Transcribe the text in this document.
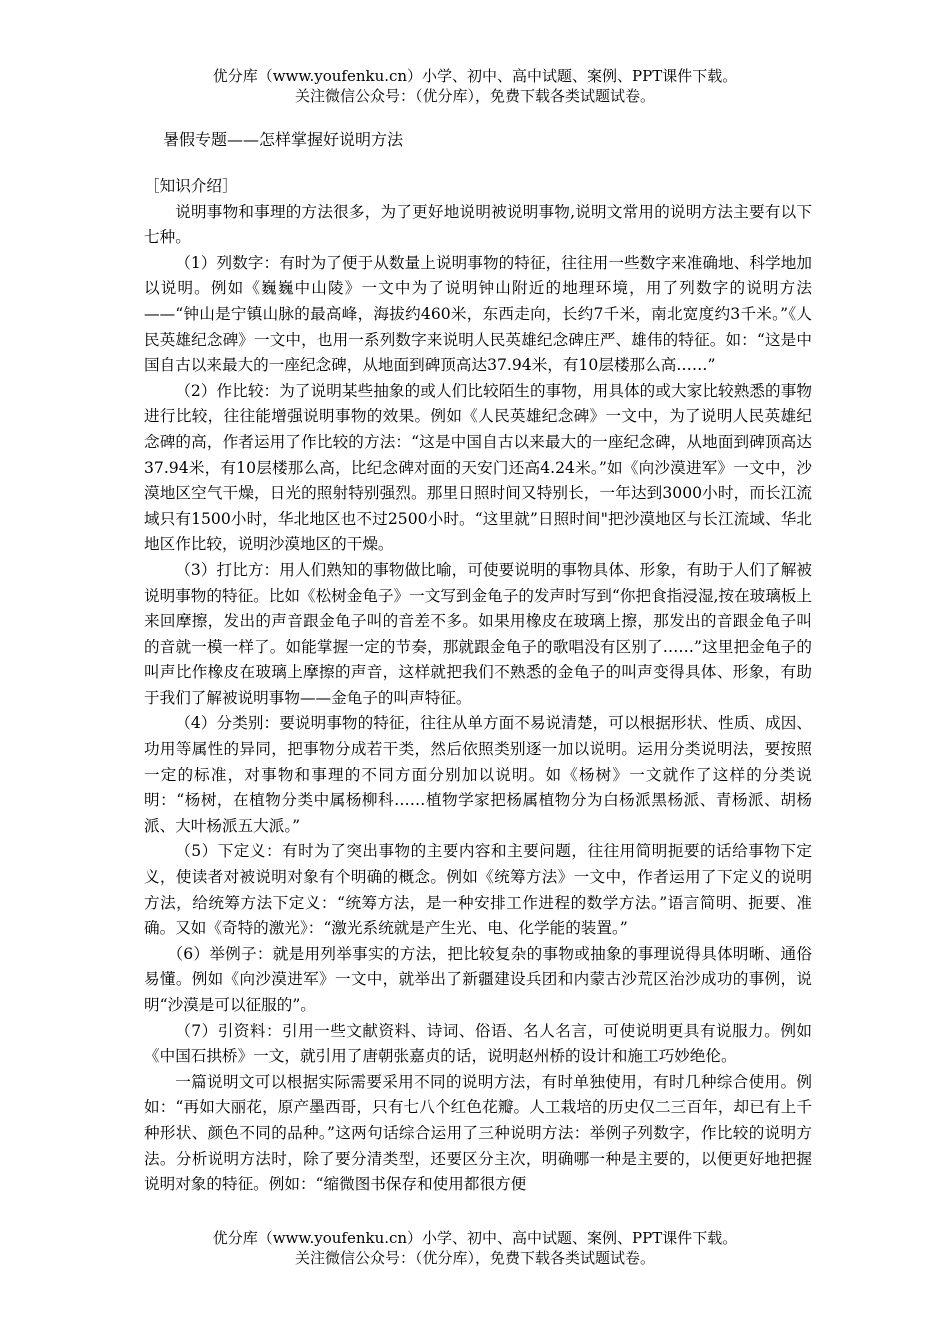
优分库（www.youfenku.cn）小学、初中、高中试题、案例、PPT课件下载。
关注微信公众号：（优分库），免费下载各类试题试卷。
暑假专题——怎样掌握好说明方法

［知识介绍］

说明事物和事理的方法很多，为了更好地说明被说明事物,说明文常用的说明方法主要有以下七种。

（1）列数字：有时为了便于从数量上说明事物的特征，往往用一些数字来准确地、科学地加以说明。例如《巍巍中山陵》一文中为了说明钟山附近的地理环境，用了列数字的说明方法——“钟山是宁镇山脉的最高峰，海拔约460米，东西走向，长约7千米，南北宽度约3千米。”《人民英雄纪念碑》一文中，也用一系列数字来说明人民英雄纪念碑庄严、雄伟的特征。如：“这是中国自古以来最大的一座纪念碑，从地面到碑顶高达37.94米，有10层楼那么高……”

（2）作比较：为了说明某些抽象的或人们比较陌生的事物，用具体的或大家比较熟悉的事物进行比较，往往能增强说明事物的效果。例如《人民英雄纪念碑》一文中，为了说明人民英雄纪念碑的高，作者运用了作比较的方法：“这是中国自古以来最大的一座纪念碑，从地面到碑顶高达37.94米，有10层楼那么高，比纪念碑对面的天安门还高4.24米。”如《向沙漠进军》一文中，沙漠地区空气干燥，日光的照射特别强烈。那里日照时间又特别长，一年达到3000小时，而长江流域只有1500小时，华北地区也不过2500小时。“这里就”日照时间"把沙漠地区与长江流域、华北地区作比较，说明沙漠地区的干燥。

（3）打比方：用人们熟知的事物做比喻，可使要说明的事物具体、形象，有助于人们了解被说明事物的特征。比如《松树金龟子》一文写到金龟子的发声时写到“你把食指浸湿,按在玻璃板上来回摩擦，发出的声音跟金龟子叫的音差不多。如果用橡皮在玻璃上擦，那发出的音跟金龟子叫的音就一模一样了。如能掌握一定的节奏，那就跟金龟子的歌唱没有区别了……”这里把金龟子的叫声比作橡皮在玻璃上摩擦的声音，这样就把我们不熟悉的金龟子的叫声变得具体、形象，有助于我们了解被说明事物——金龟子的叫声特征。

（4）分类别：要说明事物的特征，往往从单方面不易说清楚，可以根据形状、性质、成因、功用等属性的异同，把事物分成若干类，然后依照类别逐一加以说明。运用分类说明法，要按照一定的标准，对事物和事理的不同方面分别加以说明。如《杨树》一文就作了这样的分类说明：“杨树，在植物分类中属杨柳科……植物学家把杨属植物分为白杨派黑杨派、青杨派、胡杨派、大叶杨派五大派。”

（5）下定义：有时为了突出事物的主要内容和主要问题，往往用简明扼要的话给事物下定义，使读者对被说明对象有个明确的概念。例如《统筹方法》一文中，作者运用了下定义的说明方法，给统筹方法下定义：“统筹方法，是一种安排工作进程的数学方法。”语言简明、扼要、准确。又如《奇特的激光》：“激光系统就是产生光、电、化学能的装置。”

（6）举例子：就是用列举事实的方法，把比较复杂的事物或抽象的事理说得具体明晰、通俗易懂。例如《向沙漠进军》一文中，就举出了新疆建设兵团和内蒙古沙荒区治沙成功的事例，说明“沙漠是可以征服的”。

（7）引资料：引用一些文献资料、诗词、俗语、名人名言，可使说明更具有说服力。例如《中国石拱桥》一文，就引用了唐朝张嘉贞的话，说明赵州桥的设计和施工巧妙绝伦。

一篇说明文可以根据实际需要采用不同的说明方法，有时单独使用，有时几种综合使用。例如：“再如大丽花，原产墨西哥，只有七八个红色花瓣。人工栽培的历史仅二三百年，却已有上千种形状、颜色不同的品种。”这两句话综合运用了三种说明方法：举例子列数字，作比较的说明方法。分析说明方法时，除了要分清类型，还要区分主次，明确哪一种是主要的，以便更好地把握说明对象的特征。例如：“缩微图书保存和使用都很方便

优分库（www.youfenku.cn）小学、初中、高中试题、案例、PPT课件下载。
关注微信公众号：（优分库），免费下载各类试题试卷。
